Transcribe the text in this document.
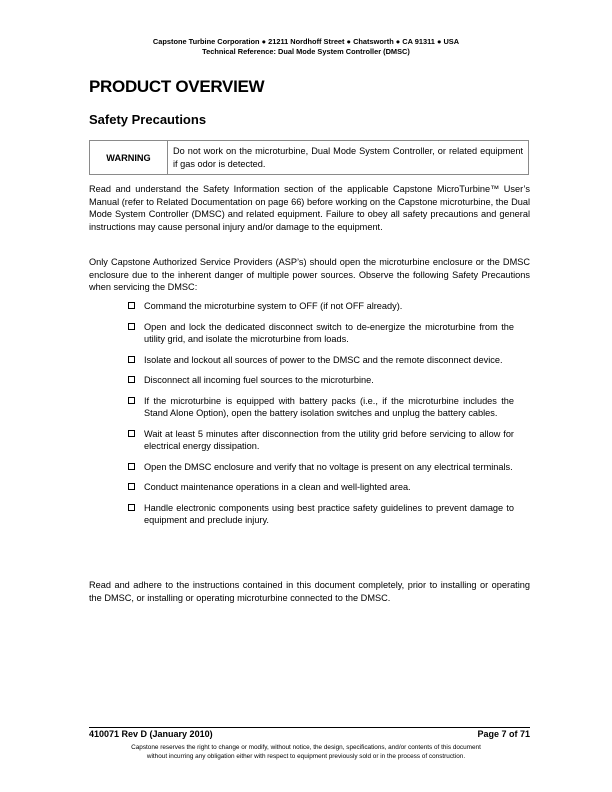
Capstone Turbine Corporation ● 21211 Nordhoff Street ● Chatsworth ● CA 91311 ● USA
Technical Reference: Dual Mode System Controller (DMSC)
PRODUCT OVERVIEW
Safety Precautions
WARNING
Do not work on the microturbine, Dual Mode System Controller, or related equipment if gas odor is detected.

Read and understand the Safety Information section of the applicable Capstone MicroTurbine™ User’s Manual (refer to Related Documentation on page 66) before working on the Capstone microturbine, the Dual Mode System Controller (DMSC) and related equipment. Failure to obey all safety precautions and general instructions may cause personal injury and/or damage to the equipment.

Only Capstone Authorized Service Providers (ASP’s) should open the microturbine enclosure or the DMSC enclosure due to the inherent danger of multiple power sources. Observe the following Safety Precautions when servicing the DMSC:

Command the microturbine system to OFF (if not OFF already).
Open and lock the dedicated disconnect switch to de-energize the microturbine from the utility grid, and isolate the microturbine from loads.
Isolate and lockout all sources of power to the DMSC and the remote disconnect device.
Disconnect all incoming fuel sources to the microturbine.
If the microturbine is equipped with battery packs (i.e., if the microturbine includes the Stand Alone Option), open the battery isolation switches and unplug the battery cables.
Wait at least 5 minutes after disconnection from the utility grid before servicing to allow for electrical energy dissipation.
Open the DMSC enclosure and verify that no voltage is present on any electrical terminals.
Conduct maintenance operations in a clean and well-lighted area.
Handle electronic components using best practice safety guidelines to prevent damage to equipment and preclude injury.

Read and adhere to the instructions contained in this document completely, prior to installing or operating the DMSC, or installing or operating microturbine connected to the DMSC.

410071 Rev D (January 2010)	Page 7 of 71
Capstone reserves the right to change or modify, without notice, the design, specifications, and/or contents of this document
without incurring any obligation either with respect to equipment previously sold or in the process of construction.
